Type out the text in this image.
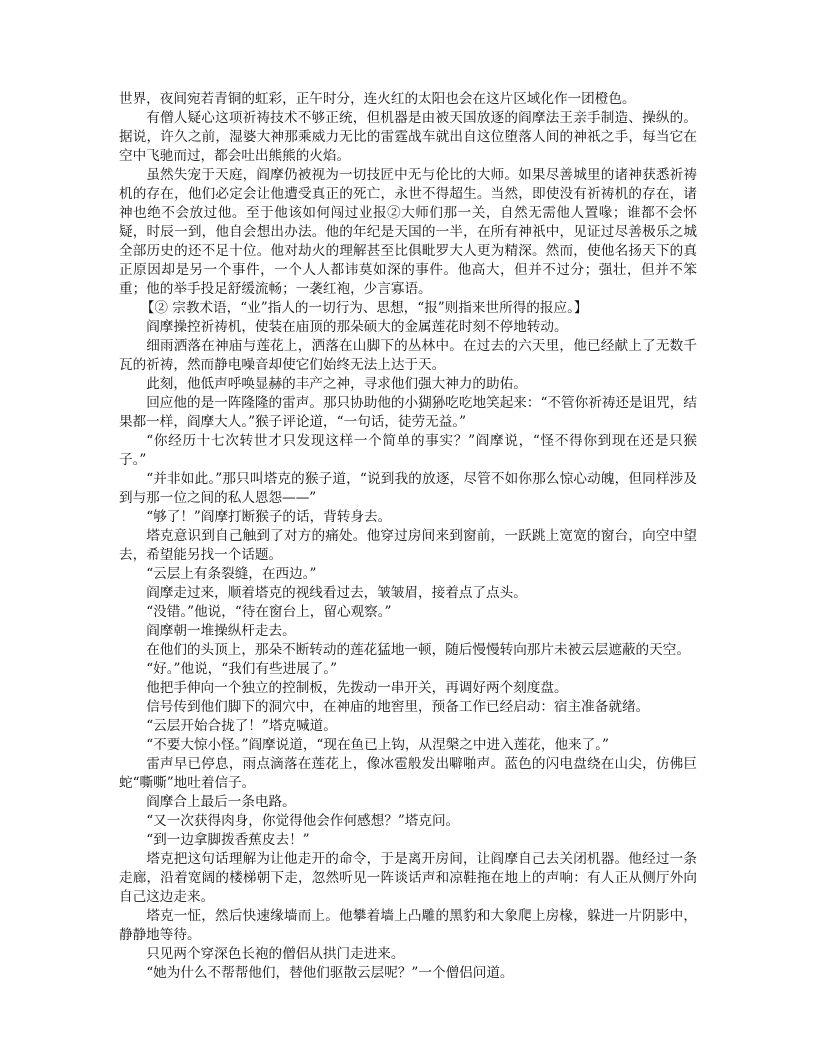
世界，夜间宛若青铜的虹彩，正午时分，连火红的太阳也会在这片区域化作一团橙色。

有僧人疑心这项祈祷技术不够正统，但机器是由被天国放逐的阎摩法王亲手制造、操纵的。据说，许久之前，湿婆大神那乘威力无比的雷霆战车就出自这位堕落人间的神祇之手，每当它在空中飞驰而过，都会吐出熊熊的火焰。

虽然失宠于天庭，阎摩仍被视为一切技匠中无与伦比的大师。如果尽善城里的诸神获悉祈祷机的存在，他们必定会让他遭受真正的死亡，永世不得超生。当然，即使没有祈祷机的存在，诸神也绝不会放过他。至于他该如何闯过业报②大师们那一关，自然无需他人置喙；谁都不会怀疑，时辰一到，他自会想出办法。他的年纪是天国的一半，在所有神祇中，见证过尽善极乐之城全部历史的还不足十位。他对劫火的理解甚至比俱毗罗大人更为精深。然而，使他名扬天下的真正原因却是另一个事件，一个人人都讳莫如深的事件。他高大，但并不过分；强壮，但并不笨重；他的举手投足舒缓流畅；一袭红袍，少言寡语。

【② 宗教术语，“业”指人的一切行为、思想，“报”则指来世所得的报应。】

阎摩操控祈祷机，使装在庙顶的那朵硕大的金属莲花时刻不停地转动。

细雨洒落在神庙与莲花上，洒落在山脚下的丛林中。在过去的六天里，他已经献上了无数千瓦的祈祷，然而静电噪音却使它们始终无法上达于天。

此刻，他低声呼唤显赫的丰产之神，寻求他们强大神力的助佑。

回应他的是一阵隆隆的雷声。那只协助他的小猢狲吃吃地笑起来：“不管你祈祷还是诅咒，结果都一样，阎摩大人。”猴子评论道，“一句话，徒劳无益。”

“你经历十七次转世才只发现这样一个简单的事实？”阎摩说，“怪不得你到现在还是只猴子。”

“并非如此。”那只叫塔克的猴子道，“说到我的放逐，尽管不如你那么惊心动魄，但同样涉及到与那一位之间的私人恩怨——”

“够了！”阎摩打断猴子的话，背转身去。

塔克意识到自己触到了对方的痛处。他穿过房间来到窗前，一跃跳上宽宽的窗台，向空中望去，希望能另找一个话题。

“云层上有条裂缝，在西边。”

阎摩走过来，顺着塔克的视线看过去，皱皱眉，接着点了点头。

“没错。”他说，“待在窗台上，留心观察。”

阎摩朝一堆操纵杆走去。

在他们的头顶上，那朵不断转动的莲花猛地一顿，随后慢慢转向那片未被云层遮蔽的天空。

“好。”他说，“我们有些进展了。”

他把手伸向一个独立的控制板，先拨动一串开关，再调好两个刻度盘。

信号传到他们脚下的洞穴中，在神庙的地窖里，预备工作已经启动：宿主准备就绪。

“云层开始合拢了！”塔克喊道。

“不要大惊小怪。”阎摩说道，“现在鱼已上钩，从涅槃之中进入莲花，他来了。”

雷声早已停息，雨点滴落在莲花上，像冰雹般发出噼啪声。蓝色的闪电盘绕在山尖，仿佛巨蛇“嘶嘶”地吐着信子。

阎摩合上最后一条电路。

“又一次获得肉身，你觉得他会作何感想？”塔克问。

“到一边拿脚拨香蕉皮去！”

塔克把这句话理解为让他走开的命令，于是离开房间，让阎摩自己去关闭机器。他经过一条走廊，沿着宽阔的楼梯朝下走，忽然听见一阵谈话声和凉鞋拖在地上的声响：有人正从侧厅外向自己这边走来。

塔克一怔，然后快速缘墙而上。他攀着墙上凸雕的黑豹和大象爬上房椽，躲进一片阴影中，静静地等待。

只见两个穿深色长袍的僧侣从拱门走进来。

“她为什么不帮帮他们，替他们驱散云层呢？”一个僧侣问道。
